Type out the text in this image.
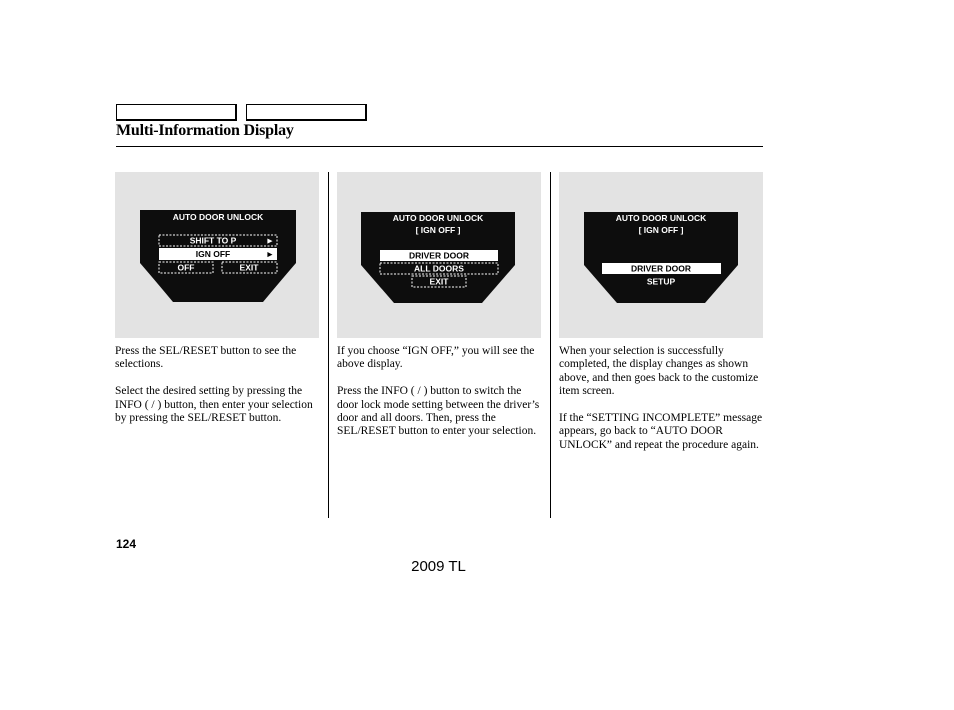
Multi-Information Display
AUTO DOOR UNLOCK
SHIFT TO P	►
IGN OFF	►
OFF	EXIT
AUTO DOOR UNLOCK
[ IGN OFF ]
DRIVER DOOR
ALL DOORS
EXIT
AUTO DOOR UNLOCK
[ IGN OFF ]
DRIVER DOOR
SETUP

Press the SEL/RESET button to see the selections.

Select the desired setting by pressing the INFO ( / ) button, then enter your selection by pressing the SEL/RESET button.

If you choose “IGN OFF,” you will see the above display.

Press the INFO ( / ) button to switch the door lock mode setting between the driver’s door and all doors. Then, press the SEL/RESET button to enter your selection.

When your selection is successfully completed, the display changes as shown above, and then goes back to the customize item screen.

If the “SETTING INCOMPLETE” message appears, go back to “AUTO DOOR UNLOCK” and repeat the procedure again.

124
2009 TL
